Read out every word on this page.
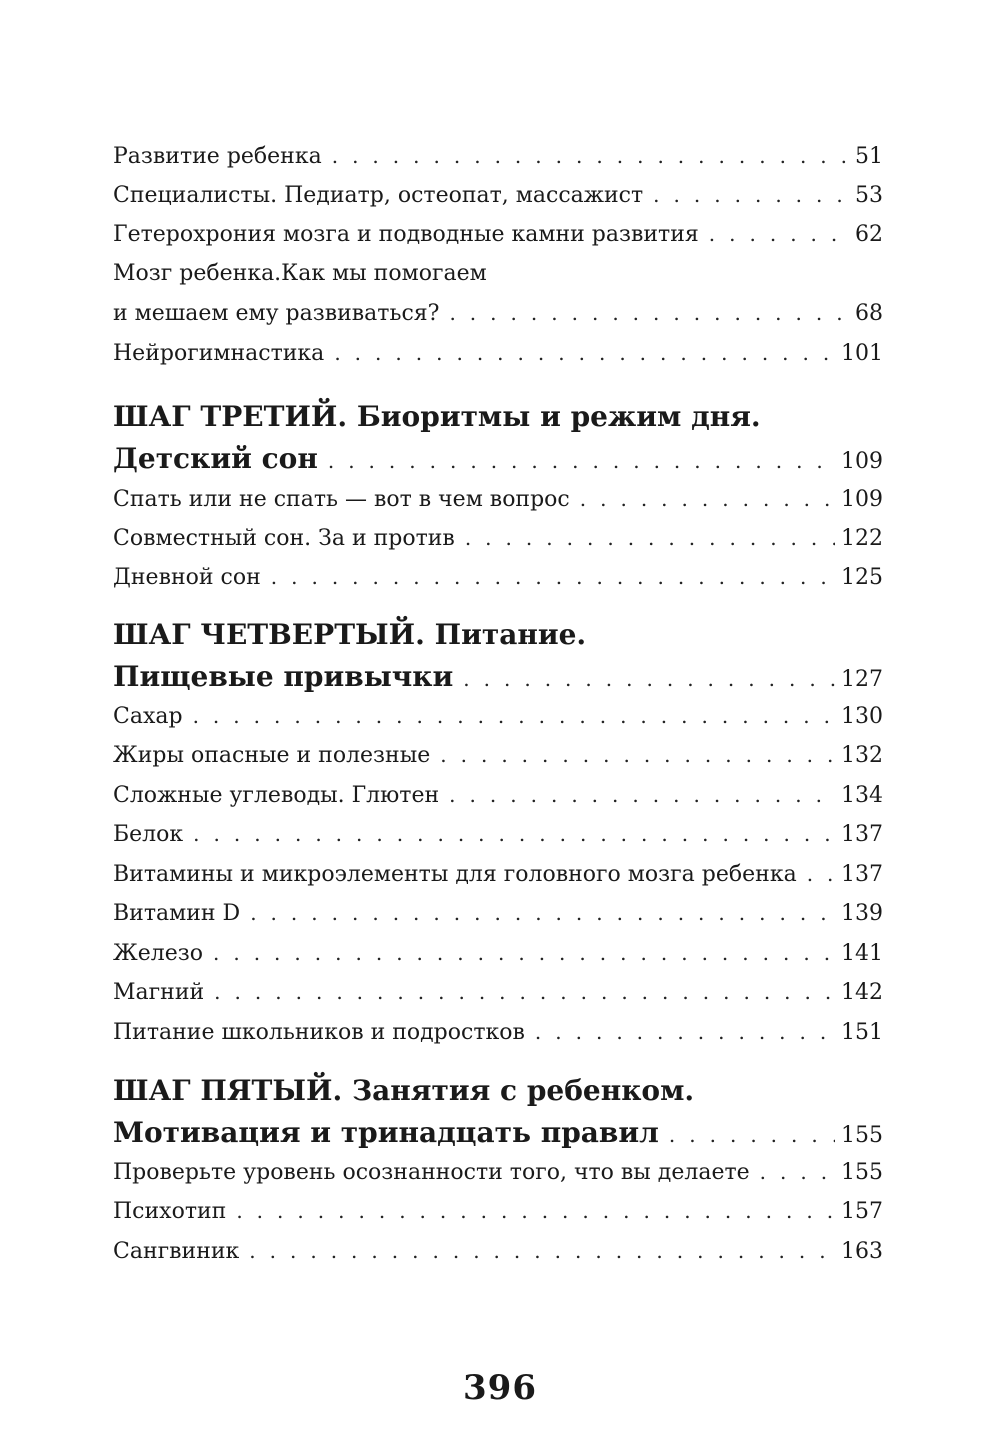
Развитие ребенка .....	51
Специалисты. Педиатр, остеопат, массажист .....	53
Гетерохрония мозга и подводные камни развития .....	62
Мозг ребенка.Как мы помогаем
и мешаем ему развиваться? .....	68
Нейрогимнастика .....	101
ШАГ ТРЕТИЙ. Биоритмы и режим дня.
Детский сон .....	109
Спать или не спать — вот в чем вопрос .....	109
Совместный сон. За и против .....	122
Дневной сон .....	125
ШАГ ЧЕТВЕРТЫЙ. Питание.
Пищевые привычки .....	127
Сахар .....	130
Жиры опасные и полезные .....	132
Сложные углеводы. Глютен .....	134
Белок .....	137
Витамины и микроэлементы для головного мозга ребенка ..... 137
Витамин D .....	139
Железо .....	141
Магний .....	142
Питание школьников и подростков .....	151
ШАГ ПЯТЫЙ. Занятия с ребенком.
Мотивация и тринадцать правил .....	155
Проверьте уровень осознанности того, что вы делаете .....	155
Психотип .....	157
Сангвиник .....	163
396
